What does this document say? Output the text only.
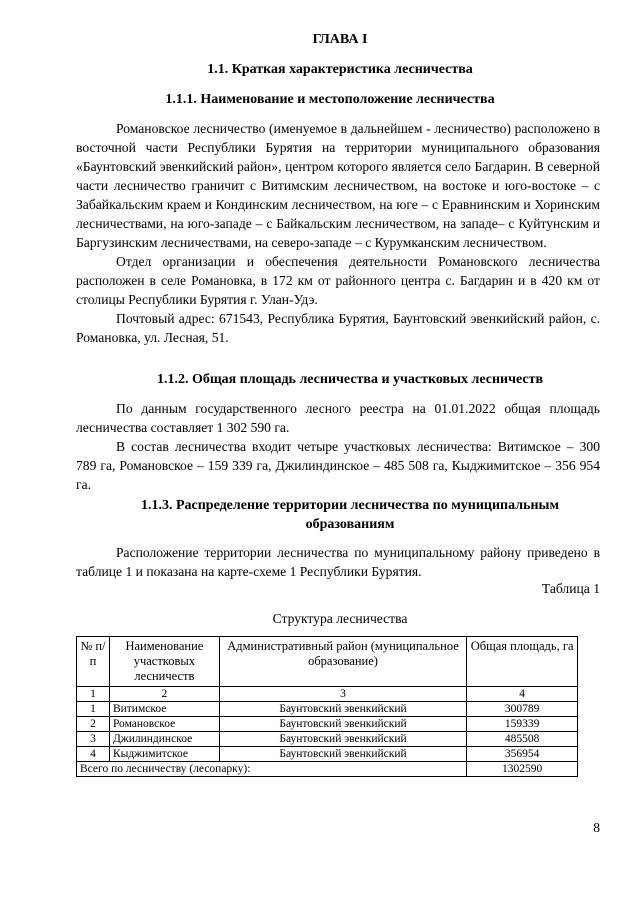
ГЛАВА I
1.1. Краткая характеристика лесничества
1.1.1. Наименование и местоположение лесничества

Романовское лесничество (именуемое в дальнейшем - лесничество) расположено в восточной части Республики Бурятия на территории муниципального образования «Баунтовский эвенкийский район», центром которого является село Багдарин. В северной части лесничество граничит с Витимским лесничеством, на востоке и юго-востоке – с Забайкальским краем и Кондинским лесничеством, на юге – с Еравнинским и Хоринским лесничествами, на юго-западе – с Байкальским лесничеством, на западе– с Куйтунским и Баргузинским лесничествами, на северо-западе – с Курумканским лесничеством.

Отдел организации и обеспечения деятельности Романовского лесничества расположен в селе Романовка, в 172 км от районного центра с. Багдарин и в 420 км от столицы Республики Бурятия г. Улан-Удэ.

Почтовый адрес: 671543, Республика Бурятия, Баунтовский эвенкийский район, с. Романовка, ул. Лесная, 51.

1.1.2. Общая площадь лесничества и участковых лесничеств

По данным государственного лесного реестра на 01.01.2022 общая площадь лесничества составляет 1 302 590 га.

В состав лесничества входит четыре участковых лесничества: Витимское – 300 789 га, Романовское – 159 339 га, Джилиндинское – 485 508 га, Кыджимитское – 356 954 га.

1.1.3. Распределение территории лесничества по муниципальным
образованиям

Расположение территории лесничества по муниципальному району приведено в таблице 1 и показана на карте-схеме 1 Республики Бурятия.

Таблица 1
Структура лесничества
№ п/п	Наименование участковых лесничеств	Административный район (муниципальное образование)	Общая площадь, га
1	2	3	4
1	Витимское	Баунтовский эвенкийский	300789
2	Романовское	Баунтовский эвенкийский	159339
3	Джилиндинское	Баунтовский эвенкийский	485508
4	Кыджимитское	Баунтовский эвенкийский	356954
Всего по лесничеству (лесопарку):			1302590
8
